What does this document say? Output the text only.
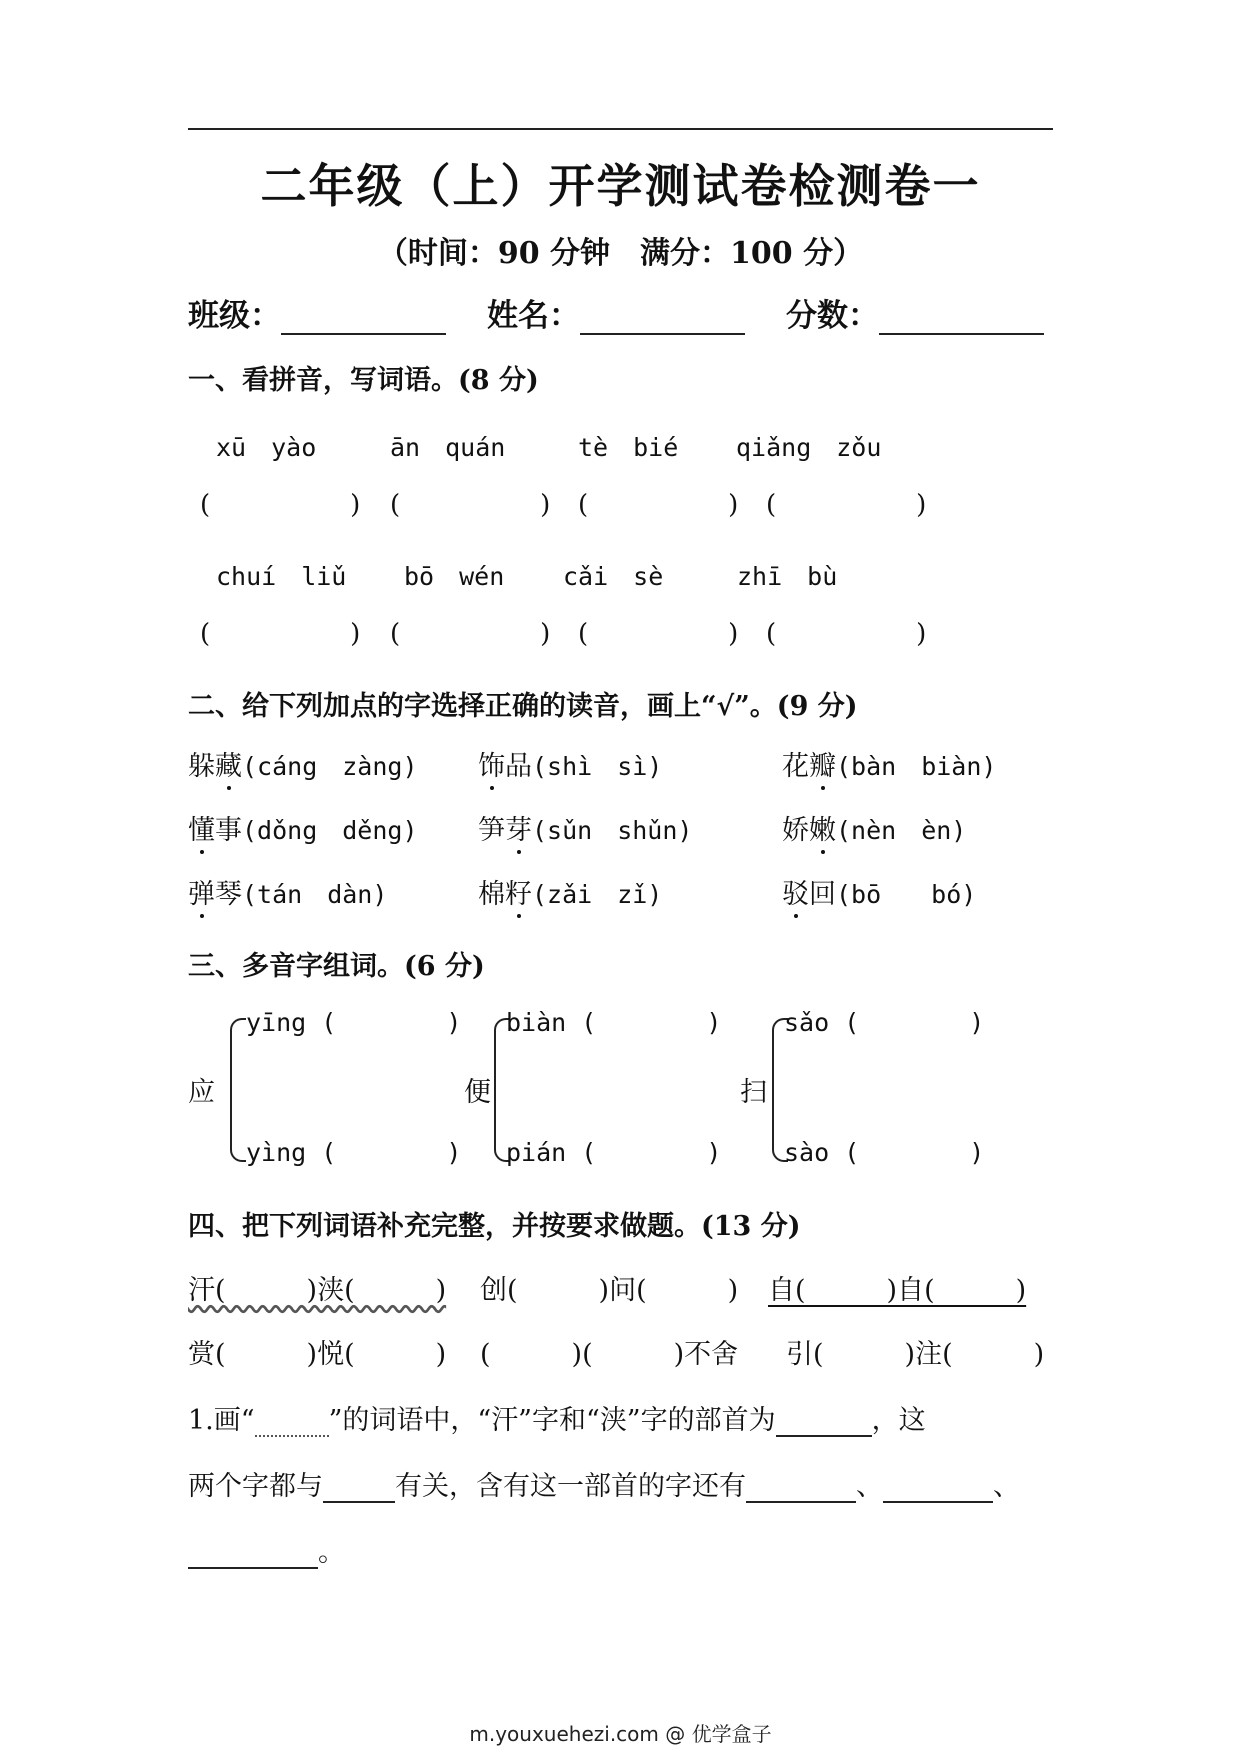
二年级（上）开学测试卷检测卷一
（时间：90 分钟　满分：100 分）
班级：	姓名：	分数：
一、看拼音，写词语。(8 分)
xū　yào	ān　quán	tè　bié qiǎng　zǒu
(	) (	) (	) (	)
chuí　liǔ bō　wén cǎi　sè	zhī　bù
(	) (	) (	) (	)
二、给下列加点的字选择正确的读音，画上“√”。(9 分)
躲藏(cáng　zàng) 饰品(shì　sì)	花瓣(bàn　biàn)
懂事(dǒng　děng) 笋芽(sǔn　shǔn)	娇嫩(nèn　èn)
弹琴(tán　dàn)	棉籽(zǎi　zǐ)	驳回(bō　　bó)
三、多音字组词。(6 分)
应
yīng (	)
yìng (	)
便
biàn (	)
pián (	)
扫
sǎo (	)
sào (	)
四、把下列词语补充完整，并按要求做题。(13 分)
汗(　　　)浃(　　　) 创(　　　)问(　　　) 自(　　　)自(　　　)
赏(　　　)悦(　　　) (　　　)(　　　)不舍 引(　　　)注(　　　)
1.画“	”的词语中，“汗”字和“浃”字的部首为	，这
两个字都与	有关，含有这一部首的字还有	、	、
。
m.youxuehezi.com @ 优学盒子
